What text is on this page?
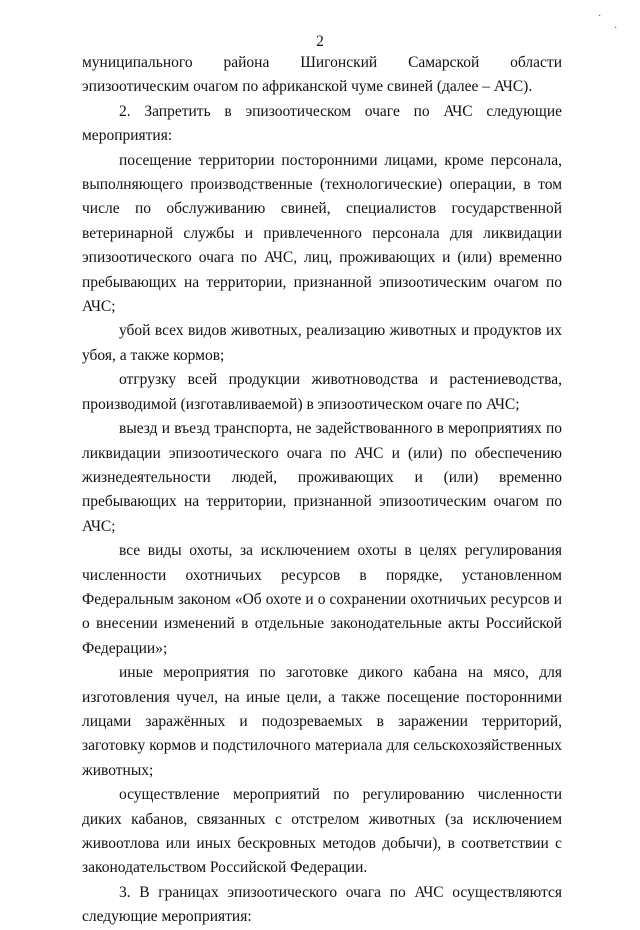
·
·
2

муниципального района Шигонский Самарской области эпизоотическим очагом по африканской чуме свиней (далее – АЧС).

2. Запретить в эпизоотическом очаге по АЧС следующие мероприятия:

посещение территории посторонними лицами, кроме персонала, выполняющего производственные (технологические) операции, в том числе по обслуживанию свиней, специалистов государственной ветеринарной службы и привлеченного персонала для ликвидации эпизоотического очага по АЧС, лиц, проживающих и (или) временно пребывающих на территории, признанной эпизоотическим очагом по АЧС;

убой всех видов животных, реализацию животных и продуктов их убоя, а также кормов;

отгрузку всей продукции животноводства и растениеводства, производимой (изготавливаемой) в эпизоотическом очаге по АЧС;

выезд и въезд транспорта, не задействованного в мероприятиях по ликвидации эпизоотического очага по АЧС и (или) по обеспечению жизнедеятельности людей, проживающих и (или) временно пребывающих на территории, признанной эпизоотическим очагом по АЧС;

все виды охоты, за исключением охоты в целях регулирования численности охотничьих ресурсов в порядке, установленном Федеральным законом «Об охоте и о сохранении охотничьих ресурсов и о внесении изменений в отдельные законодательные акты Российской Федерации»;

иные мероприятия по заготовке дикого кабана на мясо, для изготовления чучел, на иные цели, а также посещение посторонними лицами заражённых и подозреваемых в заражении территорий, заготовку кормов и подстилочного материала для сельскохозяйственных животных;

осуществление мероприятий по регулированию численности диких кабанов, связанных с отстрелом животных (за исключением живоотлова или иных бескровных методов добычи), в соответствии с законодательством Российской Федерации.

3. В границах эпизоотического очага по АЧС осуществляются следующие мероприятия:
